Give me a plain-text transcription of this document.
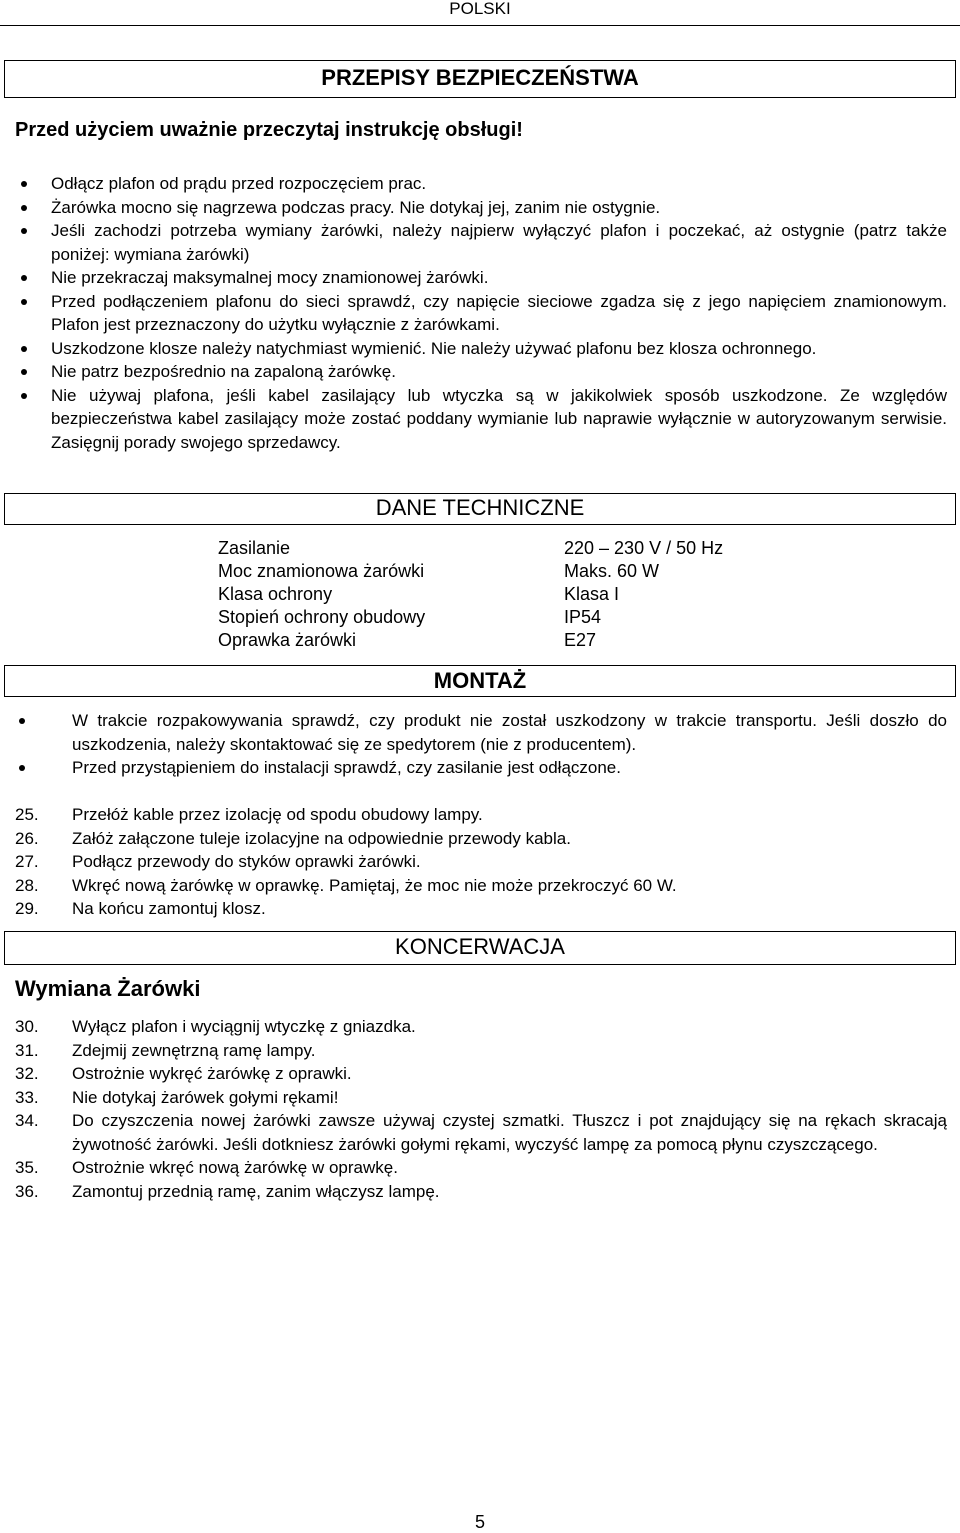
POLSKI
PRZEPISY BEZPIECZEŃSTWA
Przed użyciem uważnie przeczytaj instrukcję obsługi!
Odłącz plafon od prądu przed rozpoczęciem prac.
Żarówka mocno się nagrzewa podczas pracy. Nie dotykaj jej, zanim nie ostygnie.
Jeśli zachodzi potrzeba wymiany żarówki, należy najpierw wyłączyć plafon i poczekać, aż ostygnie (patrz także poniżej: wymiana żarówki)
Nie przekraczaj maksymalnej mocy znamionowej żarówki.
Przed podłączeniem plafonu do sieci sprawdź, czy napięcie sieciowe zgadza się z jego napięciem znamionowym. Plafon jest przeznaczony do użytku wyłącznie z żarówkami.
Uszkodzone klosze należy natychmiast wymienić. Nie należy używać plafonu bez klosza ochronnego.
Nie patrz bezpośrednio na zapaloną żarówkę.
Nie używaj plafona, jeśli kabel zasilający lub wtyczka są w jakikolwiek sposób uszkodzone. Ze względów bezpieczeństwa kabel zasilający może zostać poddany wymianie lub naprawie wyłącznie w autoryzowanym serwisie. Zasięgnij porady swojego sprzedawcy.
DANE TECHNICZNE
Zasilanie	220 – 230 V / 50 Hz
Moc znamionowa żarówki	Maks. 60 W
Klasa ochrony	Klasa I
Stopień ochrony obudowy	IP54
Oprawka żarówki	E27
MONTAŻ
W trakcie rozpakowywania sprawdź, czy produkt nie został uszkodzony w trakcie transportu. Jeśli doszło do uszkodzenia, należy skontaktować się ze spedytorem (nie z producentem).
Przed przystąpieniem do instalacji sprawdź, czy zasilanie jest odłączone.
25. Przełóż kable przez izolację od spodu obudowy lampy.
26. Załóż załączone tuleje izolacyjne na odpowiednie przewody kabla.
27. Podłącz przewody do styków oprawki żarówki.
28. Wkręć nową żarówkę w oprawkę. Pamiętaj, że moc nie może przekroczyć 60 W.
29. Na końcu zamontuj klosz.
KONCERWACJA
Wymiana Żarówki
30. Wyłącz plafon i wyciągnij wtyczkę z gniazdka.
31. Zdejmij zewnętrzną ramę lampy.
32. Ostrożnie wykręć żarówkę z oprawki.
33. Nie dotykaj żarówek gołymi rękami!
34. Do czyszczenia nowej żarówki zawsze używaj czystej szmatki. Tłuszcz i pot znajdujący się na rękach skracają żywotność żarówki. Jeśli dotkniesz żarówki gołymi rękami, wyczyść lampę za pomocą płynu czyszczącego.
35. Ostrożnie wkręć nową żarówkę w oprawkę.
36. Zamontuj przednią ramę, zanim włączysz lampę.
5
